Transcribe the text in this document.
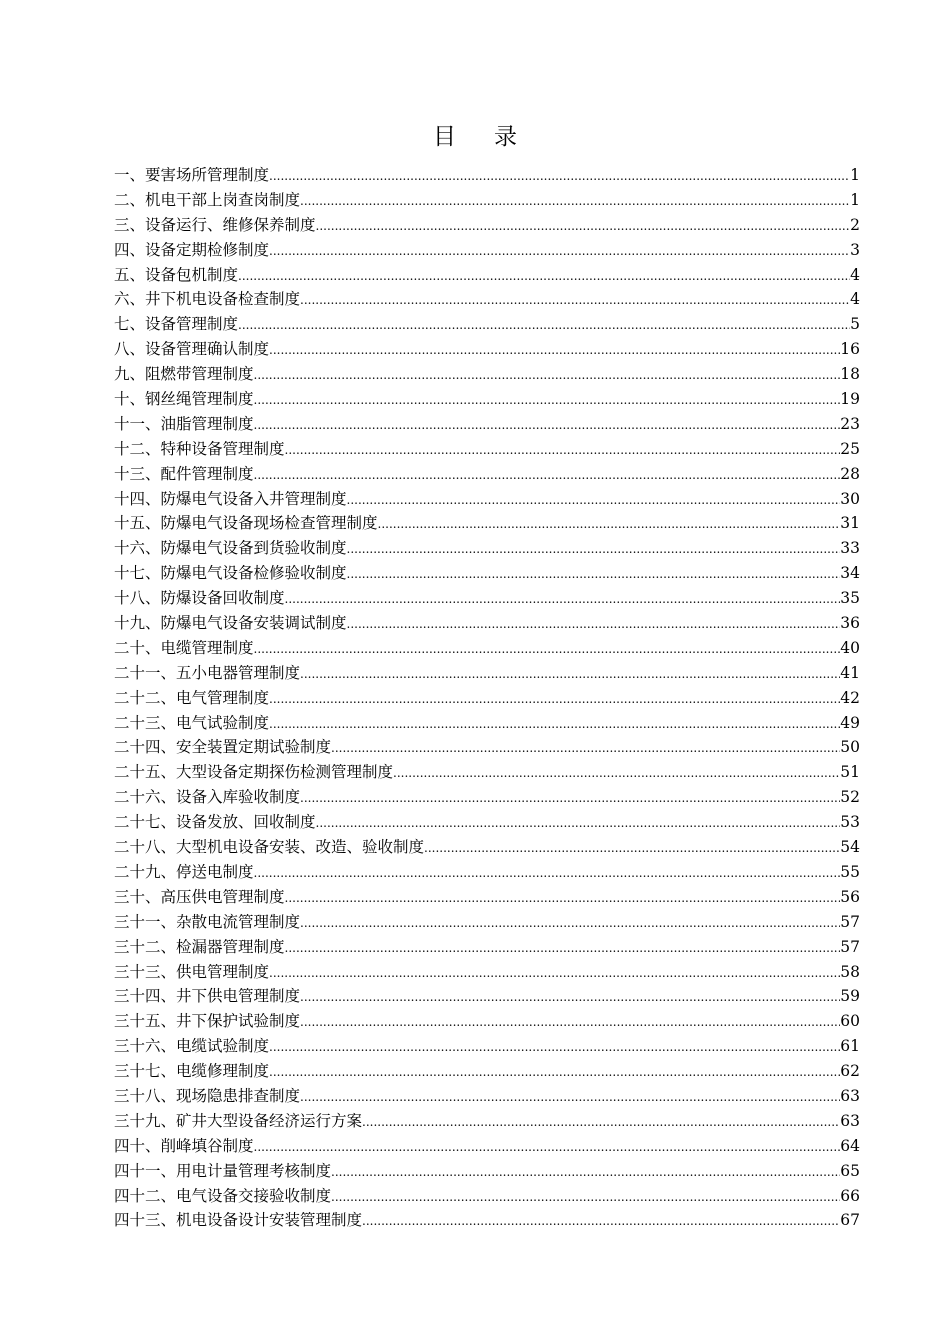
目录
一、要害场所管理制度 .....	1
二、机电干部上岗查岗制度 .....	1
三、设备运行、维修保养制度 .....	2
四、设备定期检修制度 .....	3
五、设备包机制度 .....	4
六、井下机电设备检查制度 .....	4
七、设备管理制度 .....	5
八、设备管理确认制度 .....	16
九、阻燃带管理制度 .....	18
十、钢丝绳管理制度 .....	19
十一、油脂管理制度 .....	23
十二、特种设备管理制度 .....	25
十三、配件管理制度 .....	28
十四、防爆电气设备入井管理制度 .....	30
十五、防爆电气设备现场检查管理制度 .....	31
十六、防爆电气设备到货验收制度 .....	33
十七、防爆电气设备检修验收制度 .....	34
十八、防爆设备回收制度 .....	35
十九、防爆电气设备安装调试制度 .....	36
二十、电缆管理制度 .....	40
二十一、五小电器管理制度 .....	41
二十二、电气管理制度 .....	42
二十三、电气试验制度 .....	49
二十四、安全装置定期试验制度 .....	50
二十五、大型设备定期探伤检测管理制度 .....	51
二十六、设备入库验收制度 .....	52
二十七、设备发放、回收制度 .....	53
二十八、大型机电设备安装、改造、验收制度 .....	54
二十九、停送电制度 .....	55
三十、高压供电管理制度 .....	56
三十一、杂散电流管理制度 .....	57
三十二、检漏器管理制度 .....	57
三十三、供电管理制度 .....	58
三十四、井下供电管理制度 .....	59
三十五、井下保护试验制度 .....	60
三十六、电缆试验制度 .....	61
三十七、电缆修理制度 .....	62
三十八、现场隐患排查制度 .....	63
三十九、矿井大型设备经济运行方案 .....	63
四十、削峰填谷制度 .....	64
四十一、用电计量管理考核制度 .....	65
四十二、电气设备交接验收制度 .....	66
四十三、机电设备设计安装管理制度 .....	67
